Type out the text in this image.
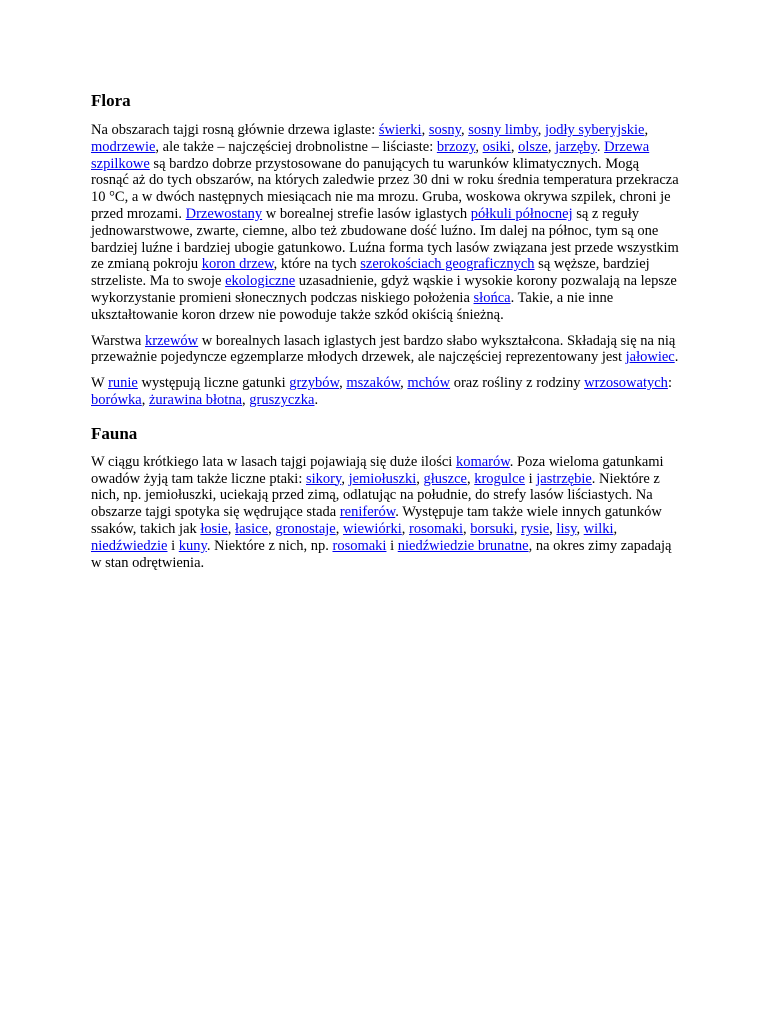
Flora

Na obszarach tajgi rosną głównie drzewa iglaste: świerki, sosny, sosny limby, jodły syberyjskie, modrzewie, ale także – najczęściej drobnolistne – liściaste: brzozy, osiki, olsze, jarzęby. Drzewa szpilkowe są bardzo dobrze przystosowane do panujących tu warunków klimatycznych. Mogą rosnąć aż do tych obszarów, na których zaledwie przez 30 dni w roku średnia temperatura przekracza 10 °C, a w dwóch następnych miesiącach nie ma mrozu. Gruba, woskowa okrywa szpilek, chroni je przed mrozami. Drzewostany w borealnej strefie lasów iglastych półkuli północnej są z reguły jednowarstwowe, zwarte, ciemne, albo też zbudowane dość luźno. Im dalej na północ, tym są one bardziej luźne i bardziej ubogie gatunkowo. Luźna forma tych lasów związana jest przede wszystkim ze zmianą pokroju koron drzew, które na tych szerokościach geograficznych są węższe, bardziej strzeliste. Ma to swoje ekologiczne uzasadnienie, gdyż wąskie i wysokie korony pozwalają na lepsze wykorzystanie promieni słonecznych podczas niskiego położenia słońca. Takie, a nie inne ukształtowanie koron drzew nie powoduje także szkód okiścią śnieżną.

Warstwa krzewów w borealnych lasach iglastych jest bardzo słabo wykształcona. Składają się na nią przeważnie pojedyncze egzemplarze młodych drzewek, ale najczęściej reprezentowany jest jałowiec.

W runie występują liczne gatunki grzybów, mszaków, mchów oraz rośliny z rodziny wrzosowatych: borówka, żurawina błotna, gruszyczka.

Fauna

W ciągu krótkiego lata w lasach tajgi pojawiają się duże ilości komarów. Poza wieloma gatunkami owadów żyją tam także liczne ptaki: sikory, jemiołuszki, głuszce, krogulce i jastrzębie. Niektóre z nich, np. jemiołuszki, uciekają przed zimą, odlatując na południe, do strefy lasów liściastych. Na obszarze tajgi spotyka się wędrujące stada reniferów. Występuje tam także wiele innych gatunków ssaków, takich jak łosie, łasice, gronostaje, wiewiórki, rosomaki, borsuki, rysie, lisy, wilki, niedźwiedzie i kuny. Niektóre z nich, np. rosomaki i niedźwiedzie brunatne, na okres zimy zapadają w stan odrętwienia.
